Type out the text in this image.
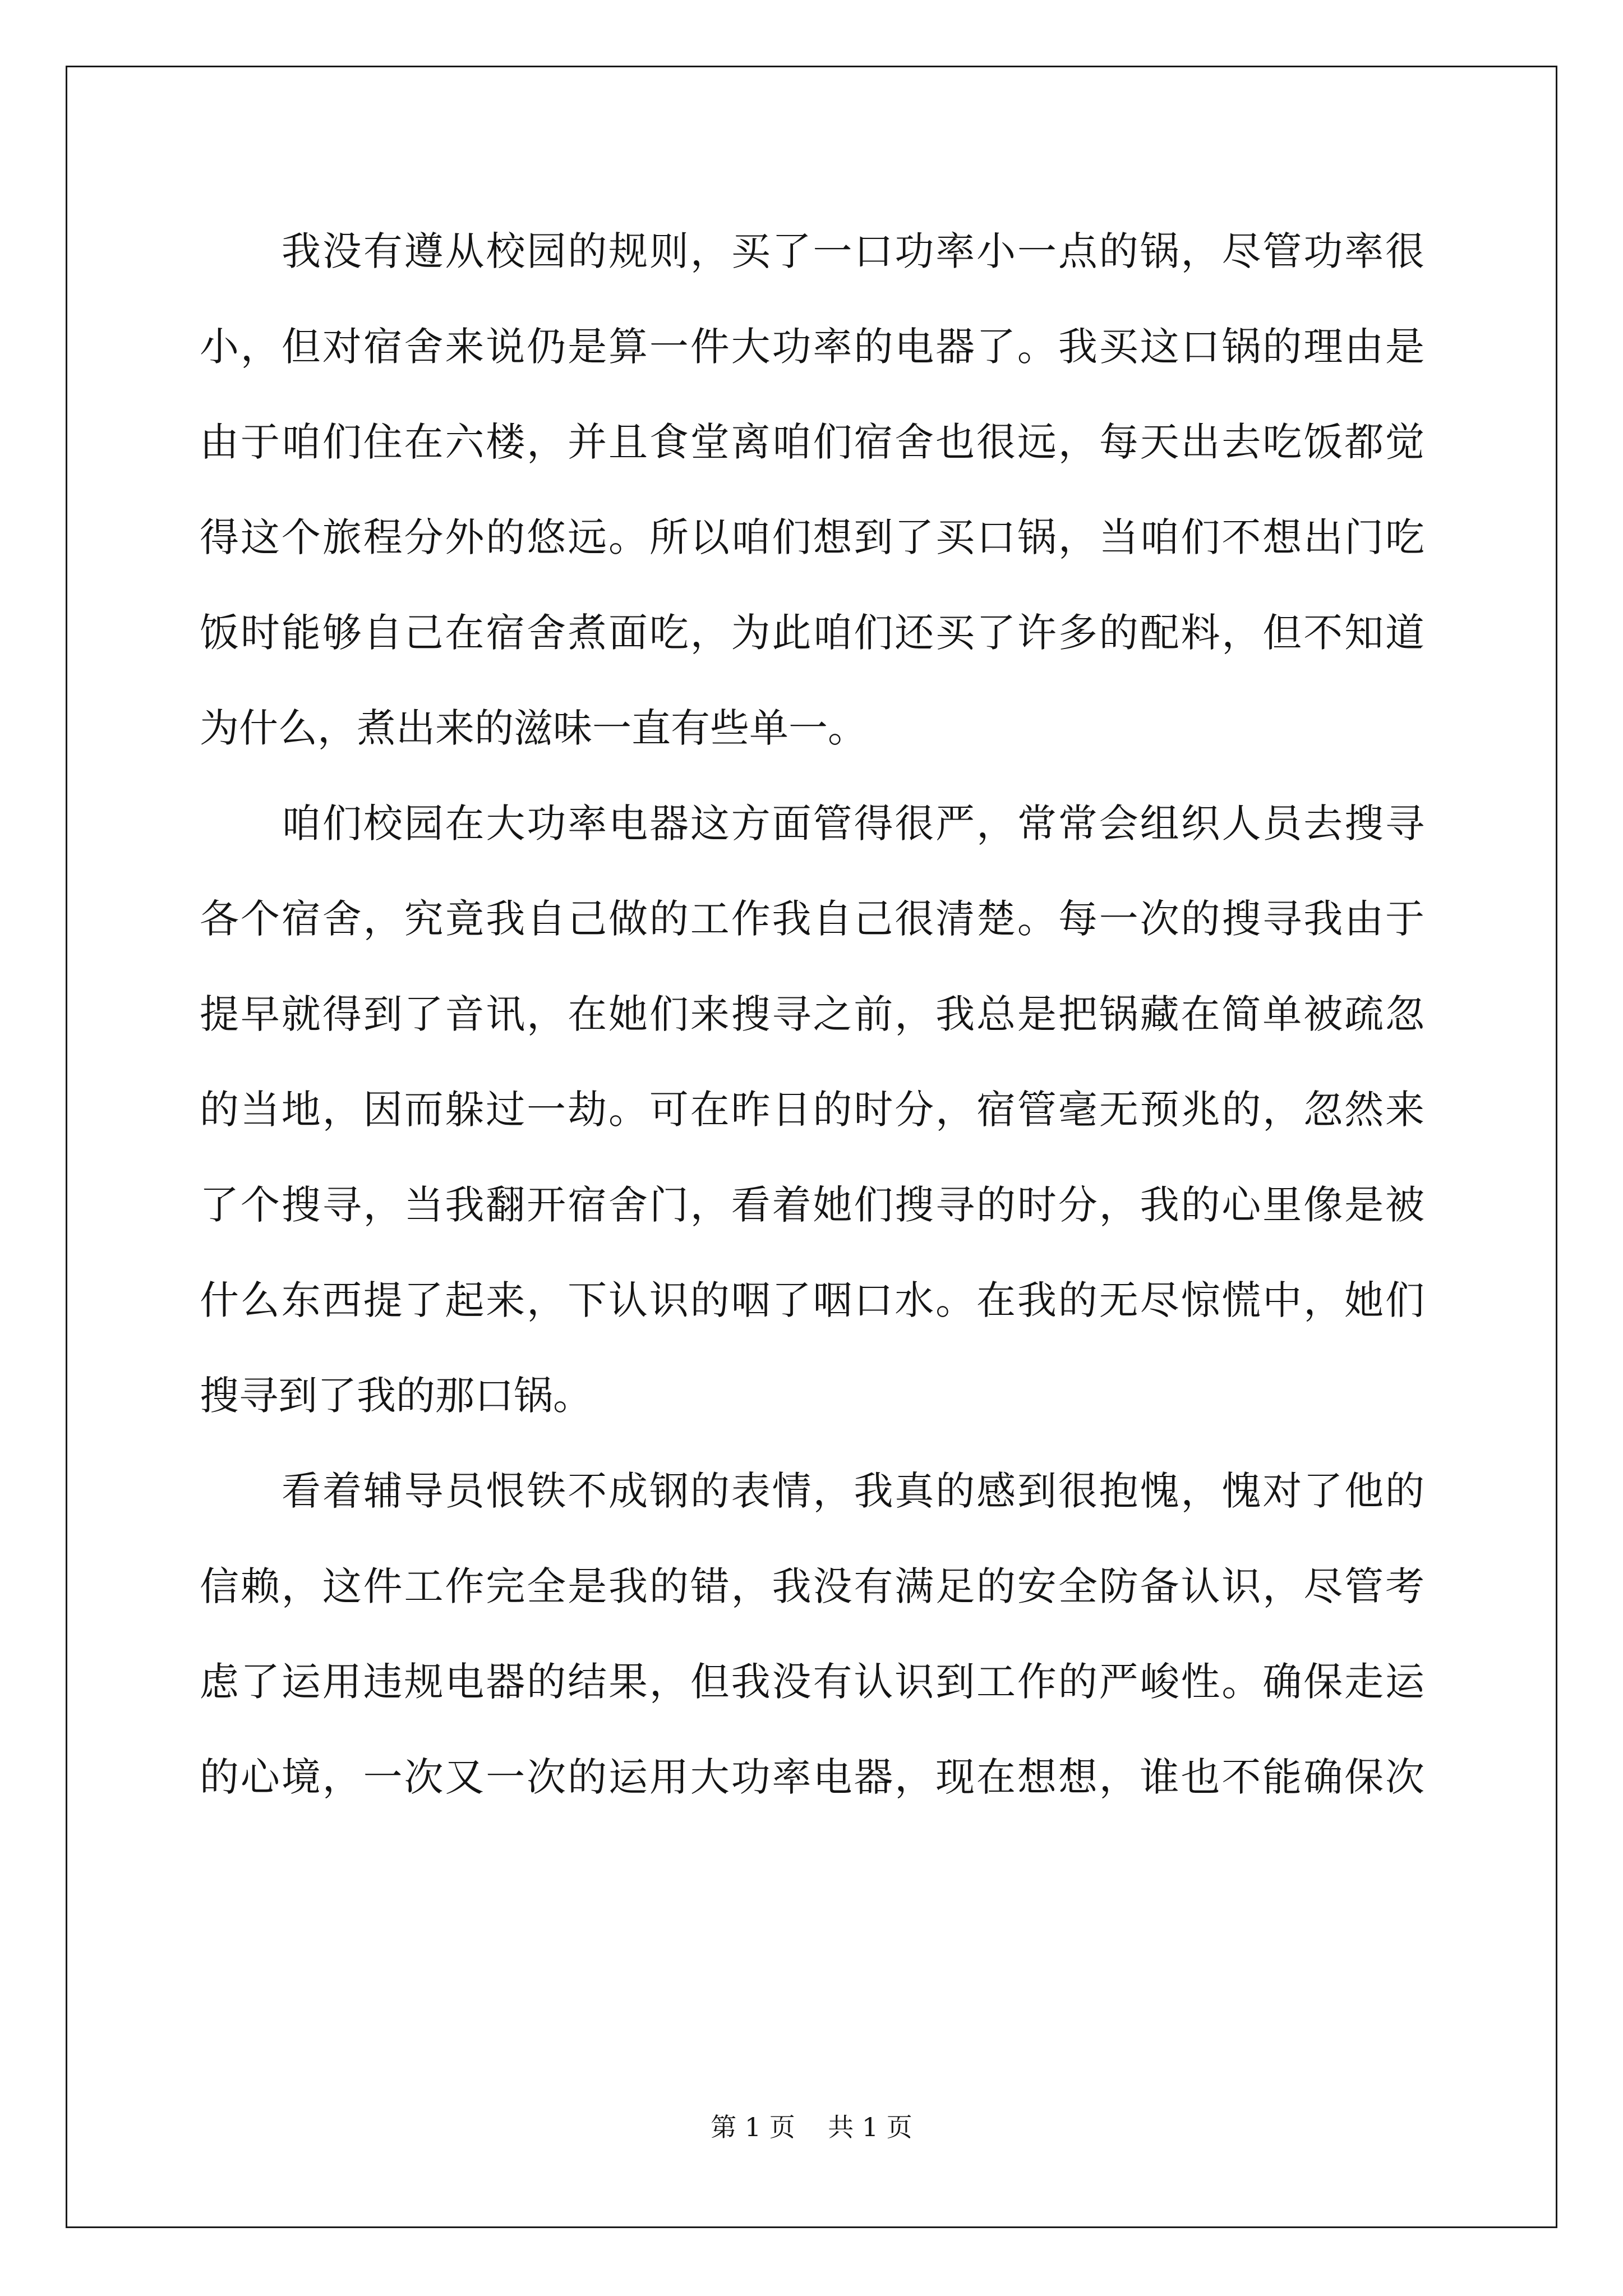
我没有遵从校园的规则，买了一口功率小一点的锅，尽管功率很
小，但对宿舍来说仍是算一件大功率的电器了。我买这口锅的理由是
由于咱们住在六楼，并且食堂离咱们宿舍也很远，每天出去吃饭都觉
得这个旅程分外的悠远。所以咱们想到了买口锅，当咱们不想出门吃
饭时能够自己在宿舍煮面吃，为此咱们还买了许多的配料，但不知道
为什么，煮出来的滋味一直有些单一。
咱们校园在大功率电器这方面管得很严，常常会组织人员去搜寻
各个宿舍，究竟我自己做的工作我自己很清楚。每一次的搜寻我由于
提早就得到了音讯，在她们来搜寻之前，我总是把锅藏在简单被疏忽
的当地，因而躲过一劫。可在昨日的时分，宿管毫无预兆的，忽然来
了个搜寻，当我翻开宿舍门，看着她们搜寻的时分，我的心里像是被
什么东西提了起来，下认识的咽了咽口水。在我的无尽惊慌中，她们
搜寻到了我的那口锅。
看着辅导员恨铁不成钢的表情，我真的感到很抱愧，愧对了他的
信赖，这件工作完全是我的错，我没有满足的安全防备认识，尽管考
虑了运用违规电器的结果，但我没有认识到工作的严峻性。确保走运
的心境，一次又一次的运用大功率电器，现在想想，谁也不能确保次
第 1 页    共 1 页
